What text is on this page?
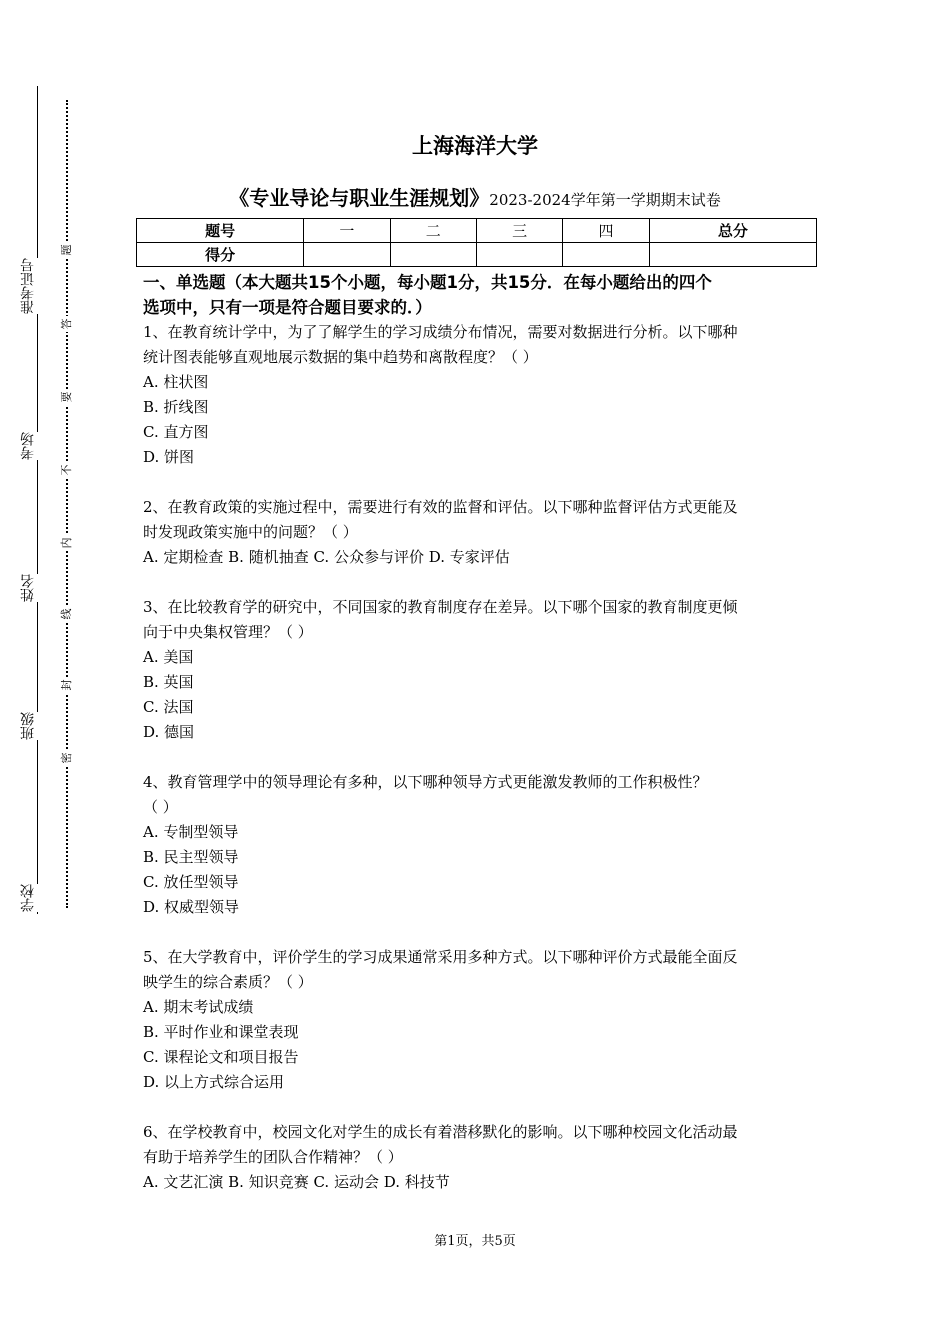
学校
班级
姓名
考场
准考证号
题
答
要
不
内
线
封
密
上海海洋大学
《专业导论与职业生涯规划》2023-2024学年第一学期期末试卷
题号	一	二	三	四	总分
得分					
一、单选题（本大题共15个小题，每小题1分，共15分．在每小题给出的四个
选项中，只有一项是符合题目要求的．）
1、在教育统计学中，为了了解学生的学习成绩分布情况，需要对数据进行分析。以下哪种
统计图表能够直观地展示数据的集中趋势和离散程度？（ ）
A. 柱状图
B. 折线图
C. 直方图
D. 饼图
2、在教育政策的实施过程中，需要进行有效的监督和评估。以下哪种监督评估方式更能及
时发现政策实施中的问题？（ ）
A. 定期检查 B. 随机抽查 C. 公众参与评价 D. 专家评估
3、在比较教育学的研究中，不同国家的教育制度存在差异。以下哪个国家的教育制度更倾
向于中央集权管理？（ ）
A. 美国
B. 英国
C. 法国
D. 德国
4、教育管理学中的领导理论有多种，以下哪种领导方式更能激发教师的工作积极性？
（ ）
A. 专制型领导
B. 民主型领导
C. 放任型领导
D. 权威型领导
5、在大学教育中，评价学生的学习成果通常采用多种方式。以下哪种评价方式最能全面反
映学生的综合素质？（ ）
A. 期末考试成绩
B. 平时作业和课堂表现
C. 课程论文和项目报告
D. 以上方式综合运用
6、在学校教育中，校园文化对学生的成长有着潜移默化的影响。以下哪种校园文化活动最
有助于培养学生的团队合作精神？（ ）
A. 文艺汇演 B. 知识竞赛 C. 运动会 D. 科技节
第1页，共5页
